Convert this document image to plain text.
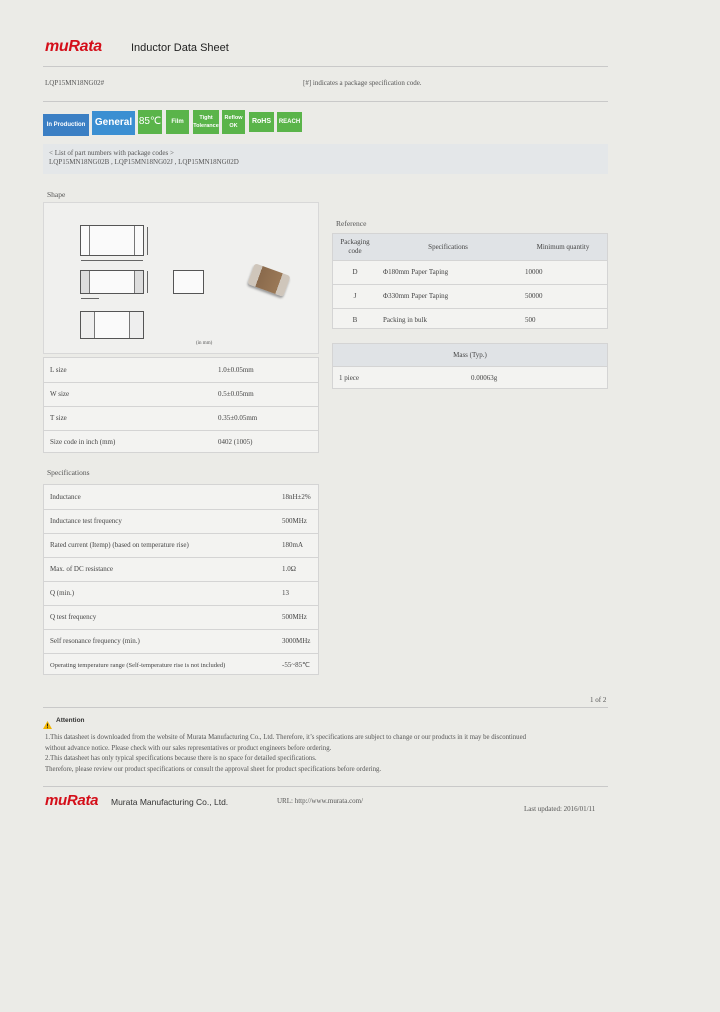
muRata	Inductor Data Sheet
LQP15MN18NG02#	[#] indicates a package specification code.
In Production General 85℃	Film
Tight
Tolerance
Reflow
OK
RoHS	REACH
< List of part numbers with package codes >
LQP15MN18NG02B , LQP15MN18NG02J , LQP15MN18NG02D
Shape
(in mm)
L size	1.0±0.05mm
W size	0.5±0.05mm
T size	0.35±0.05mm
Size code in inch (mm)	0402 (1005)
Reference
Packaging code	Specifications	Minimum quantity
D	Φ180mm Paper Taping	10000
J	Φ330mm Paper Taping	50000
B	Packing in bulk	500
Mass (Typ.)
1 piece	0.00063g
Specifications
Inductance	18nH±2%
Inductance test frequency	500MHz
Rated current (Itemp) (based on temperature rise)	180mA
Max. of DC resistance	1.0Ω
Q (min.)	13
Q test frequency	500MHz
Self resonance frequency (min.)	3000MHz
Operating temperature range (Self-temperature rise is not included)	-55~85℃
1 of 2
Attention
1.This datasheet is downloaded from the website of Murata Manufacturing Co., Ltd. Therefore, it’s specifications are subject to change or our products in it may be discontinued
without advance notice. Please check with our sales representatives or product engineers before ordering.
2.This datasheet has only typical specifications because there is no space for detailed specifications.
Therefore, please review our product specifications or consult the approval sheet for product specifications before ordering.
muRata Murata Manufacturing Co., Ltd.	URL: http://www.murata.com/
Last updated: 2016/01/11
